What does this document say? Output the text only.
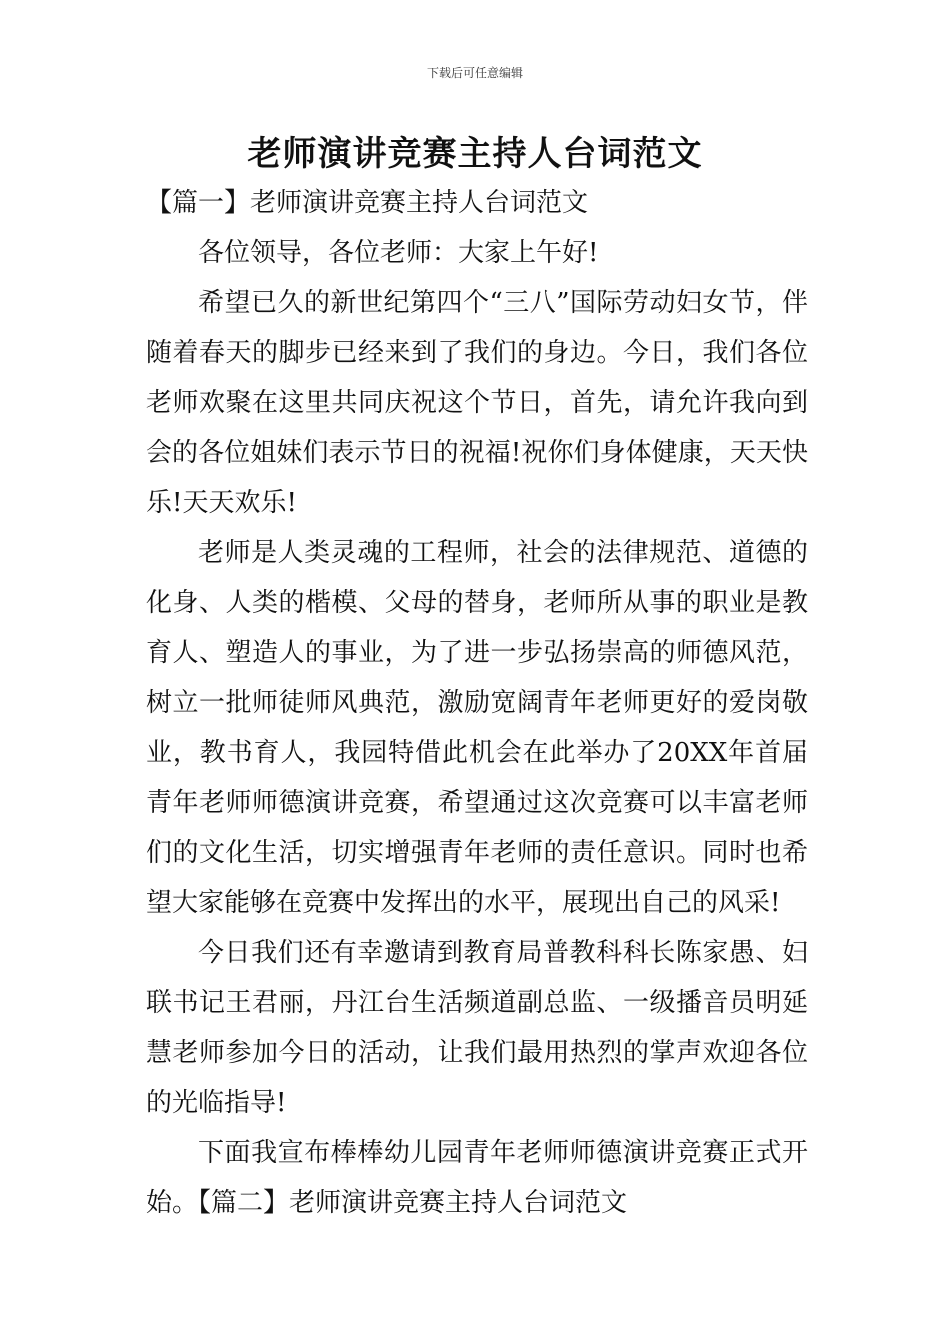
下载后可任意编辑
老师演讲竞赛主持人台词范文

【篇一】老师演讲竞赛主持人台词范文

各位领导，各位老师：大家上午好!

希望已久的新世纪第四个“三八”国际劳动妇女节，伴随着春天的脚步已经来到了我们的身边。今日，我们各位老师欢聚在这里共同庆祝这个节日，首先，请允许我向到会的各位姐妹们表示节日的祝福!祝你们身体健康，天天快乐!天天欢乐!

老师是人类灵魂的工程师，社会的法律规范、道德的化身、人类的楷模、父母的替身，老师所从事的职业是教育人、塑造人的事业，为了进一步弘扬崇高的师德风范，树立一批师徒师风典范，激励宽阔青年老师更好的爱岗敬业，教书育人，我园特借此机会在此举办了20XX年首届青年老师师德演讲竞赛，希望通过这次竞赛可以丰富老师们的文化生活，切实增强青年老师的责任意识。同时也希望大家能够在竞赛中发挥出的水平，展现出自己的风采!

今日我们还有幸邀请到教育局普教科科长陈家愚、妇联书记王君丽，丹江台生活频道副总监、一级播音员明延慧老师参加今日的活动，让我们最用热烈的掌声欢迎各位的光临指导!

下面我宣布棒棒幼儿园青年老师师德演讲竞赛正式开始。【篇二】老师演讲竞赛主持人台词范文
